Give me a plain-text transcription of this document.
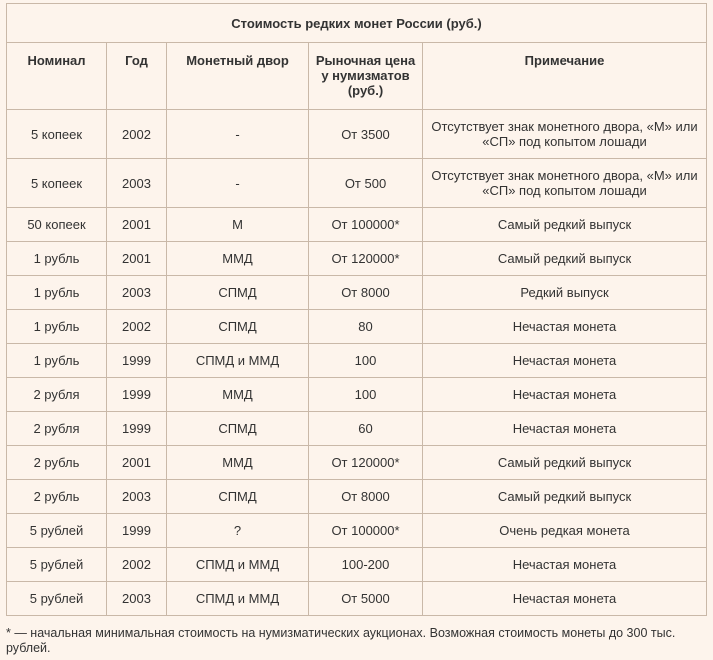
Стоимость редких монет России (руб.)				
Номинал	Год	Монетный двор	Рыночная цена у нумизматов (руб.)	Примечание
5 копеек	2002	-	От 3500	Отсутствует знак монетного двора, «М» или «СП» под копытом лошади
5 копеек	2003	-	От 500	Отсутствует знак монетного двора, «М» или «СП» под копытом лошади
50 копеек	2001	М	От 100000*	Самый редкий выпуск
1 рубль	2001	ММД	От 120000*	Самый редкий выпуск
1 рубль	2003	СПМД	От 8000	Редкий выпуск
1 рубль	2002	СПМД	80	Нечастая монета
1 рубль	1999	СПМД и ММД	100	Нечастая монета
2 рубля	1999	ММД	100	Нечастая монета
2 рубля	1999	СПМД	60	Нечастая монета
2 рубль	2001	ММД	От 120000*	Самый редкий выпуск
2 рубль	2003	СПМД	От 8000	Самый редкий выпуск
5 рублей	1999	?	От 100000*	Очень редкая монета
5 рублей	2002	СПМД и ММД	100-200	Нечастая монета
5 рублей	2003	СПМД и ММД	От 5000	Нечастая монета
* — начальная минимальная стоимость на нумизматических аукционах. Возможная стоимость монеты до 300 тыс. рублей.
